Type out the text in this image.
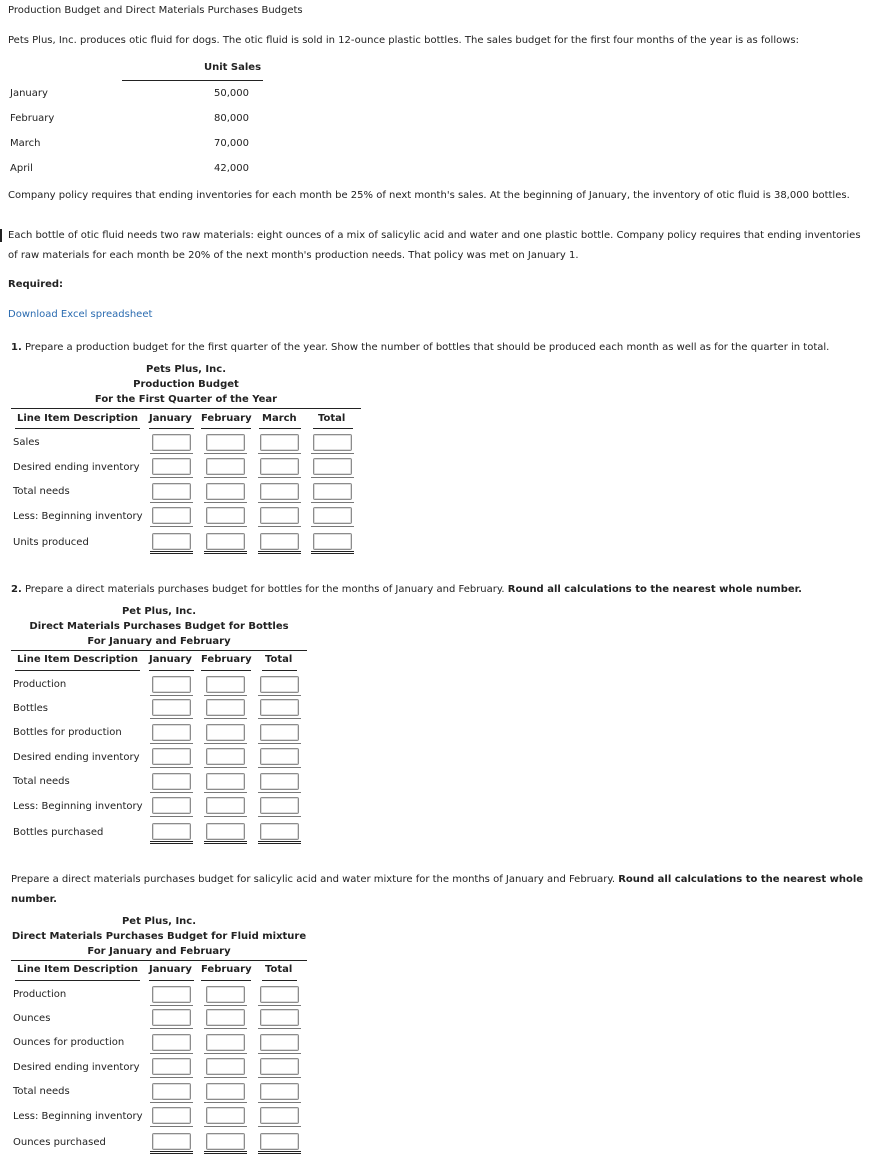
Production Budget and Direct Materials Purchases Budgets
Pets Plus, Inc. produces otic fluid for dogs. The otic fluid is sold in 12-ounce plastic bottles. The sales budget for the first four months of the year is as follows:
Unit Sales
January	50,000
February	80,000
March	70,000
April	42,000
Company policy requires that ending inventories for each month be 25% of next month's sales. At the beginning of January, the inventory of otic fluid is 38,000 bottles.
Each bottle of otic fluid needs two raw materials: eight ounces of a mix of salicylic acid and water and one plastic bottle. Company policy requires that ending inventories
of raw materials for each month be 20% of the next month's production needs. That policy was met on January 1.
Required:
Download Excel spreadsheet
1. Prepare a production budget for the first quarter of the year. Show the number of bottles that should be produced each month as well as for the quarter in total.
Pets Plus, Inc.
Production Budget
For the First Quarter of the Year
Line Item Description January February March Total
Sales
Desired ending inventory
Total needs
Less: Beginning inventory
Units produced
2. Prepare a direct materials purchases budget for bottles for the months of January and February. Round all calculations to the nearest whole number.
Pet Plus, Inc.
Direct Materials Purchases Budget for Bottles
For January and February
Line Item Description January February Total
Production
Bottles
Bottles for production
Desired ending inventory
Total needs
Less: Beginning inventory
Bottles purchased
Prepare a direct materials purchases budget for salicylic acid and water mixture for the months of January and February. Round all calculations to the nearest whole
number.
Pet Plus, Inc.
Direct Materials Purchases Budget for Fluid mixture
For January and February
Line Item Description January February Total
Production
Ounces
Ounces for production
Desired ending inventory
Total needs
Less: Beginning inventory
Ounces purchased
